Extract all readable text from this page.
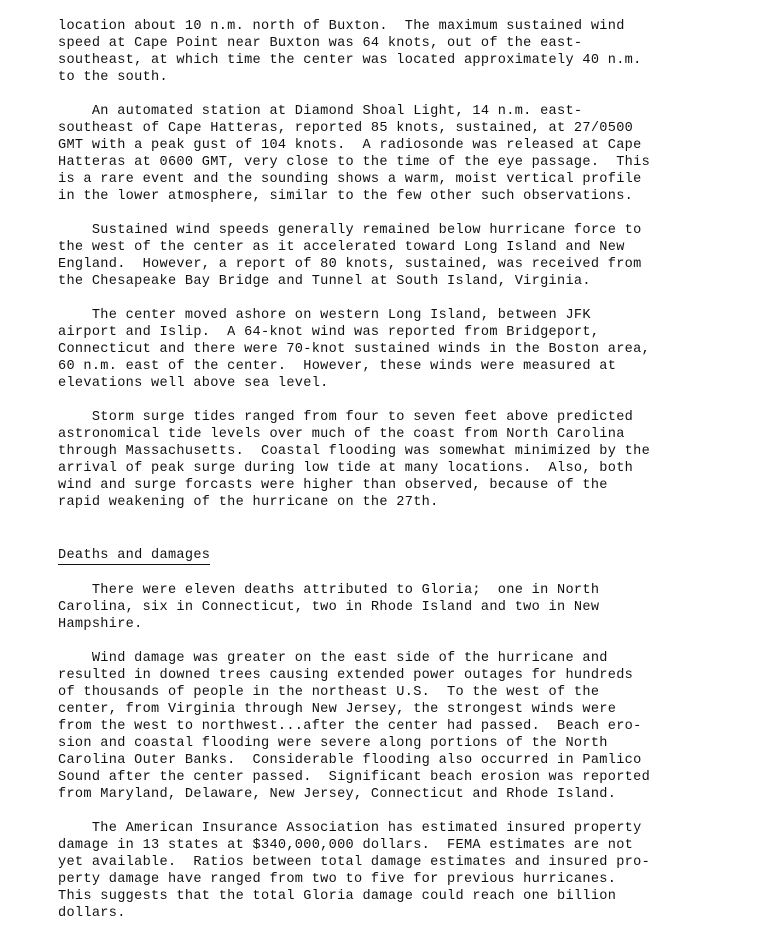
location about 10 n.m. north of Buxton.  The maximum sustained wind
speed at Cape Point near Buxton was 64 knots, out of the east-
southeast, at which time the center was located approximately 40 n.m.
to the south.
An automated station at Diamond Shoal Light, 14 n.m. east-
southeast of Cape Hatteras, reported 85 knots, sustained, at 27/0500
GMT with a peak gust of 104 knots.  A radiosonde was released at Cape
Hatteras at 0600 GMT, very close to the time of the eye passage.  This
is a rare event and the sounding shows a warm, moist vertical profile
in the lower atmosphere, similar to the few other such observations.
Sustained wind speeds generally remained below hurricane force to
the west of the center as it accelerated toward Long Island and New
England.  However, a report of 80 knots, sustained, was received from
the Chesapeake Bay Bridge and Tunnel at South Island, Virginia.
The center moved ashore on western Long Island, between JFK
airport and Islip.  A 64-knot wind was reported from Bridgeport,
Connecticut and there were 70-knot sustained winds in the Boston area,
60 n.m. east of the center.  However, these winds were measured at
elevations well above sea level.
Storm surge tides ranged from four to seven feet above predicted
astronomical tide levels over much of the coast from North Carolina
through Massachusetts.  Coastal flooding was somewhat minimized by the
arrival of peak surge during low tide at many locations.  Also, both
wind and surge forcasts were higher than observed, because of the
rapid weakening of the hurricane on the 27th.
Deaths and damages
There were eleven deaths attributed to Gloria;  one in North
Carolina, six in Connecticut, two in Rhode Island and two in New
Hampshire.
Wind damage was greater on the east side of the hurricane and
resulted in downed trees causing extended power outages for hundreds
of thousands of people in the northeast U.S.  To the west of the
center, from Virginia through New Jersey, the strongest winds were
from the west to northwest...after the center had passed.  Beach ero-
sion and coastal flooding were severe along portions of the North
Carolina Outer Banks.  Considerable flooding also occurred in Pamlico
Sound after the center passed.  Significant beach erosion was reported
from Maryland, Delaware, New Jersey, Connecticut and Rhode Island.
The American Insurance Association has estimated insured property
damage in 13 states at $340,000,000 dollars.  FEMA estimates are not
yet available.  Ratios between total damage estimates and insured pro-
perty damage have ranged from two to five for previous hurricanes.
This suggests that the total Gloria damage could reach one billion
dollars.
